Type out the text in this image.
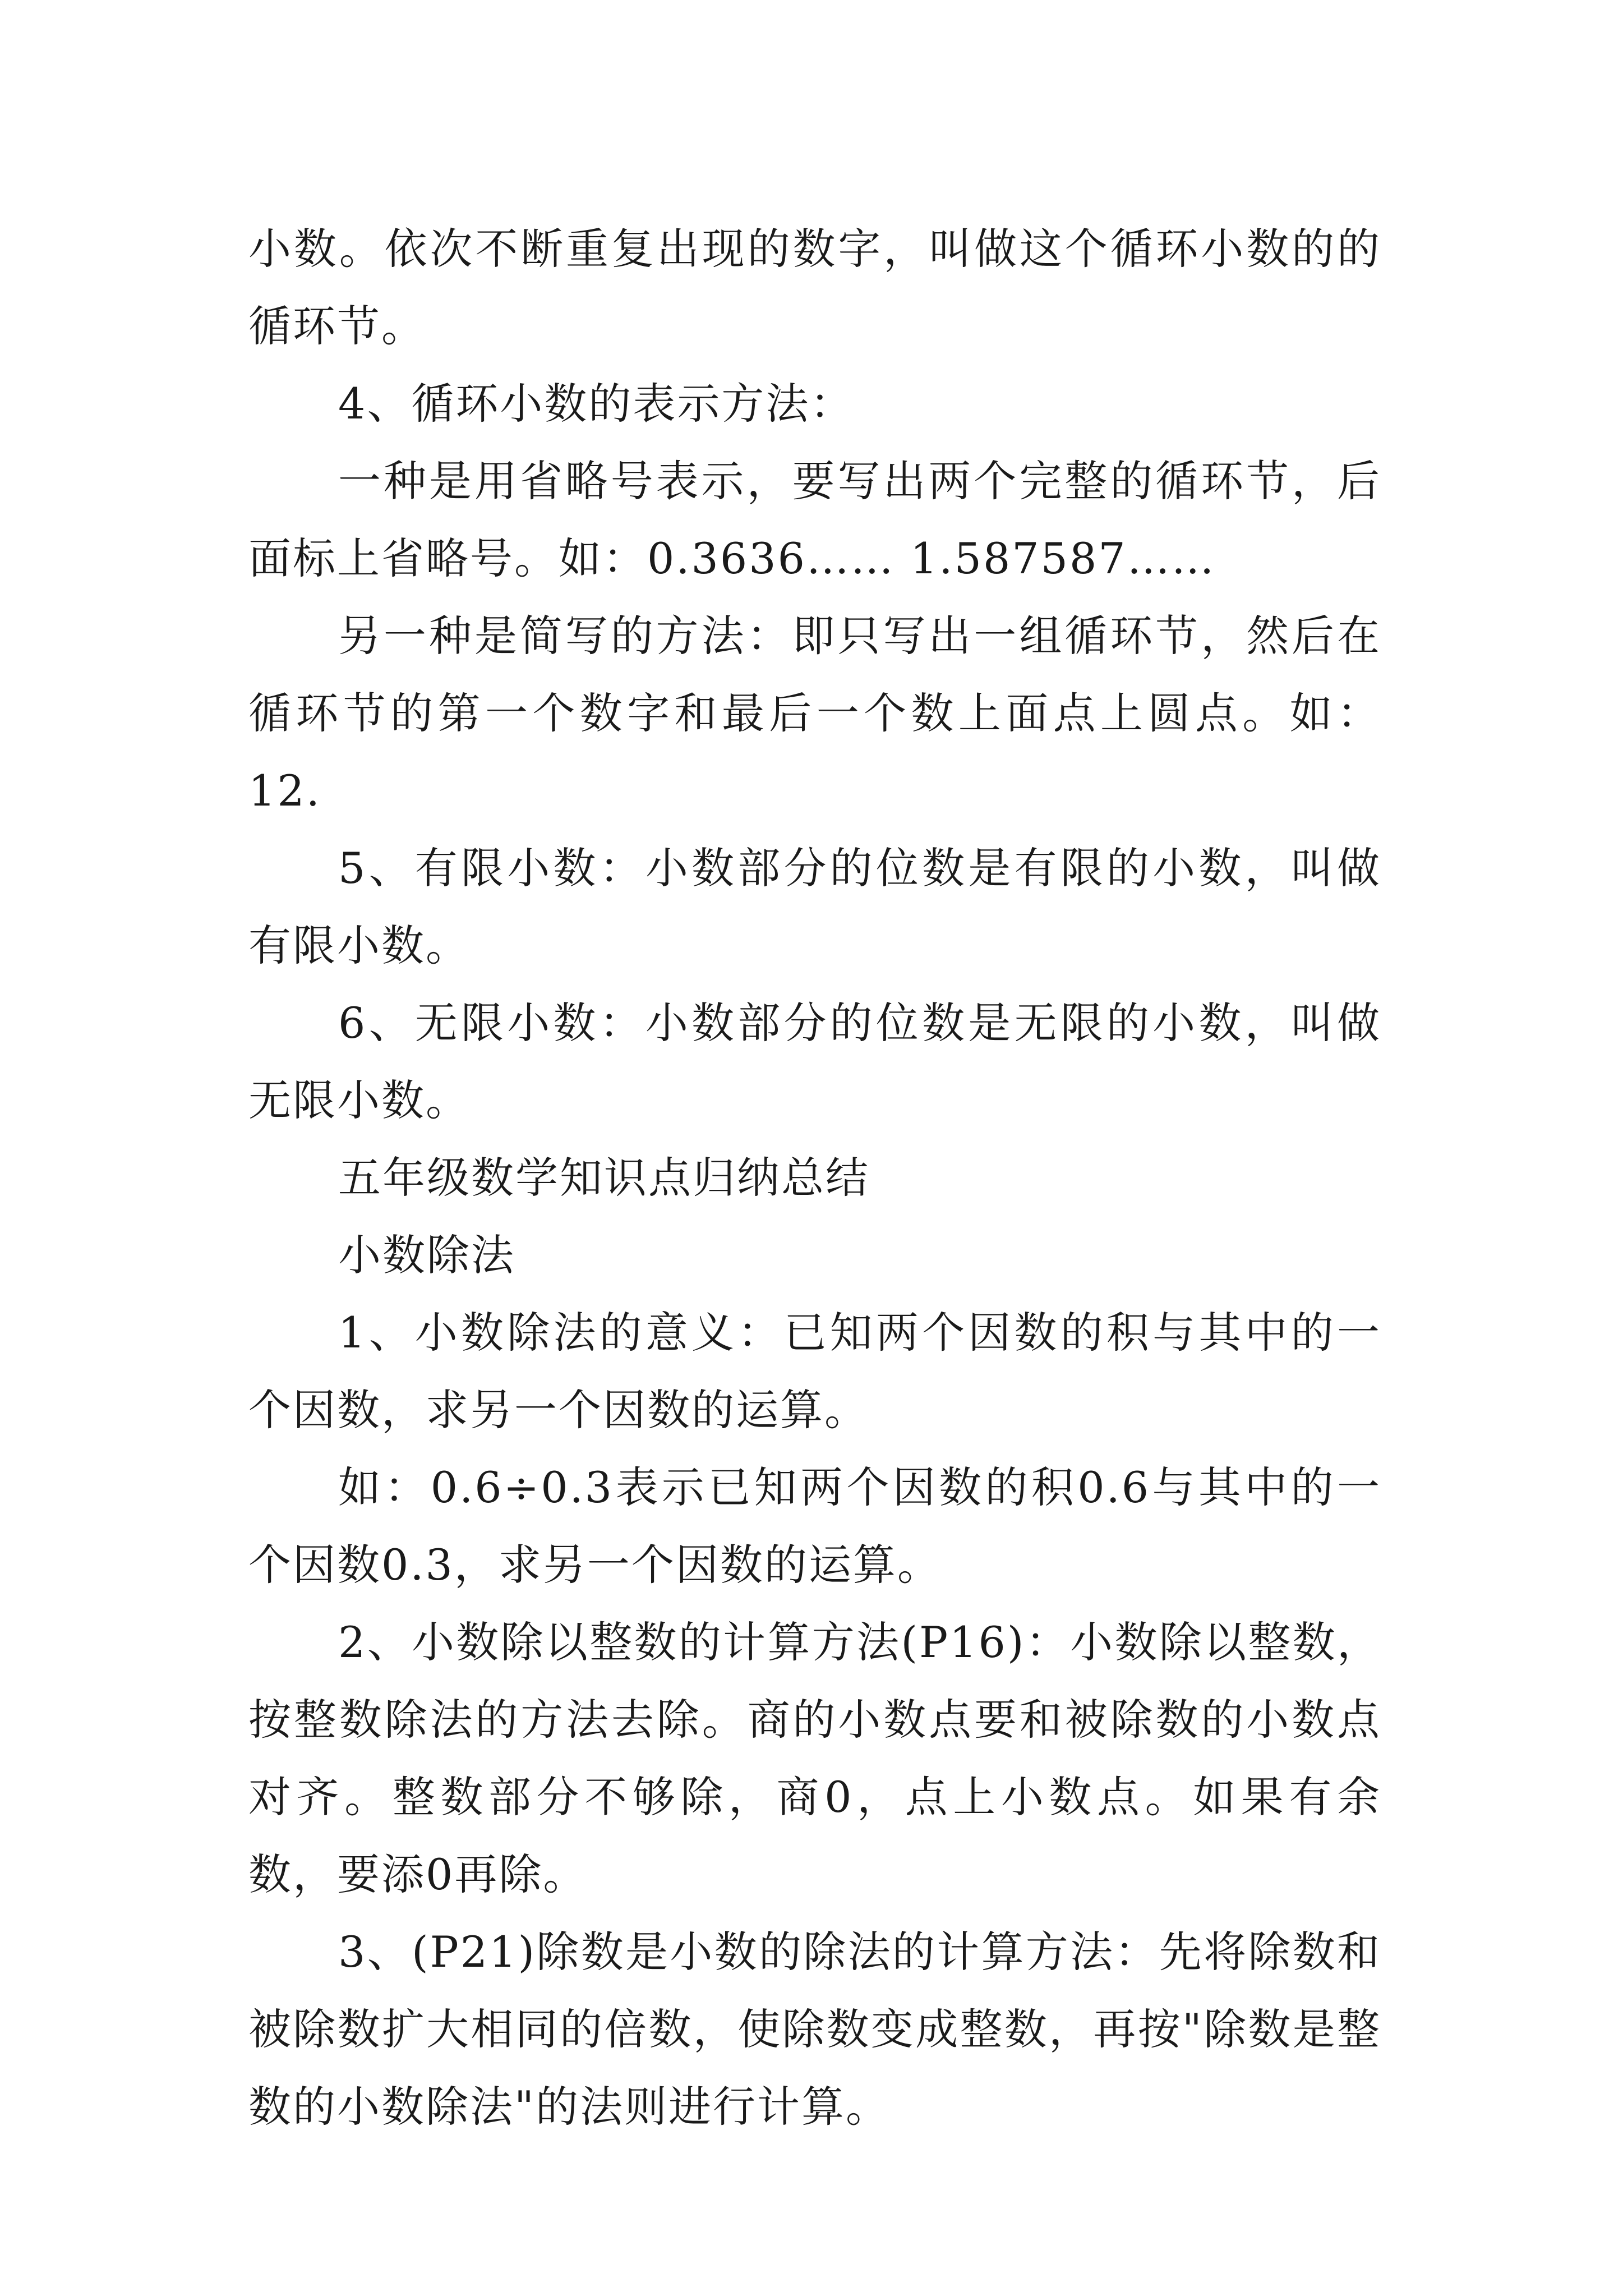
小数。依次不断重复出现的数字，叫做这个循环小数的的循环节。

4、循环小数的表示方法：

一种是用省略号表示，要写出两个完整的循环节，后面标上省略号。如：0.3636…… 1.587587……

另一种是简写的方法：即只写出一组循环节，然后在循环节的第一个数字和最后一个数上面点上圆点。如：12.

5、有限小数：小数部分的位数是有限的小数，叫做有限小数。

6、无限小数：小数部分的位数是无限的小数，叫做无限小数。

五年级数学知识点归纳总结

小数除法

1、小数除法的意义：已知两个因数的积与其中的一个因数，求另一个因数的运算。

如：0.6÷0.3表示已知两个因数的积0.6与其中的一个因数0.3，求另一个因数的运算。

2、小数除以整数的计算方法(P16)：小数除以整数，按整数除法的方法去除。商的小数点要和被除数的小数点对齐。整数部分不够除，商0，点上小数点。如果有余数，要添0再除。

3、(P21)除数是小数的除法的计算方法：先将除数和被除数扩大相同的倍数，使除数变成整数，再按"除数是整数的小数除法"的法则进行计算。
